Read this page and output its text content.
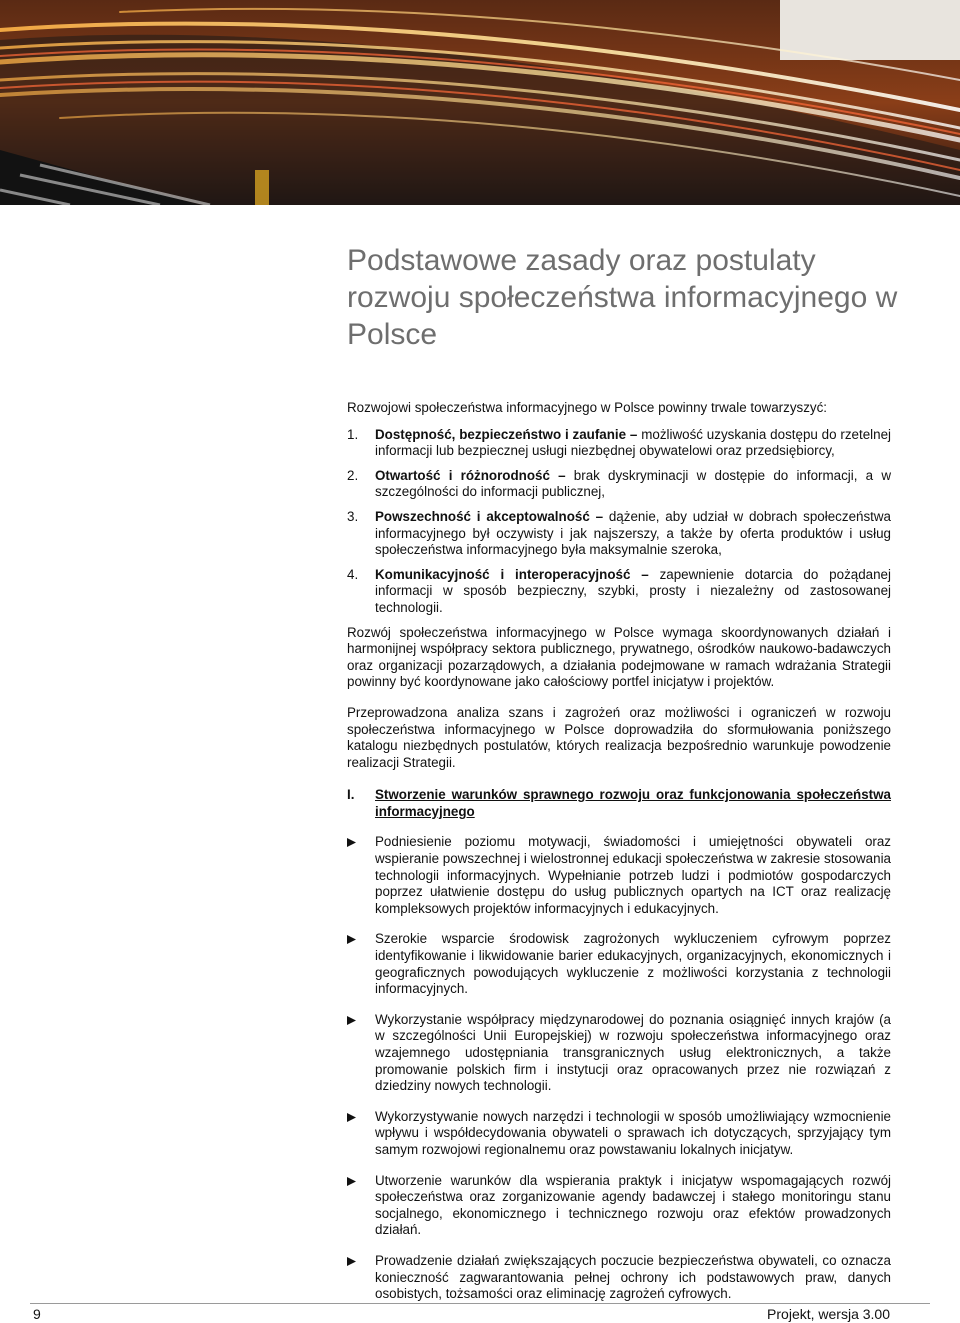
Podstawowe zasady oraz postulaty rozwoju społeczeństwa informacyjnego w Polsce

Rozwojowi społeczeństwa informacyjnego w Polsce powinny trwale towarzyszyć:

1. Dostępność, bezpieczeństwo i zaufanie – możliwość uzyskania dostępu do rzetelnej informacji lub bezpiecznej usługi niezbędnej obywatelowi oraz przedsiębiorcy,
2. Otwartość i różnorodność – brak dyskryminacji w dostępie do informacji, a w szczególności do informacji publicznej,
3. Powszechność i akceptowalność – dążenie, aby udział w dobrach społeczeństwa informacyjnego był oczywisty i jak najszerszy, a także by oferta produktów i usług społeczeństwa informacyjnego była maksymalnie szeroka,
4. Komunikacyjność i interoperacyjność – zapewnienie dotarcia do pożądanej informacji w sposób bezpieczny, szybki, prosty i niezależny od zastosowanej technologii.

Rozwój społeczeństwa informacyjnego w Polsce wymaga skoordynowanych działań i harmonijnej współpracy sektora publicznego, prywatnego, ośrodków naukowo-badawczych oraz organizacji pozarządowych, a działania podejmowane w ramach wdrażania Strategii powinny być koordynowane jako całościowy portfel inicjatyw i projektów.

Przeprowadzona analiza szans i zagrożeń oraz możliwości i ograniczeń w rozwoju społeczeństwa informacyjnego w Polsce doprowadziła do sformułowania poniższego katalogu niezbędnych postulatów, których realizacja bezpośrednio warunkuje powodzenie realizacji Strategii.

I. Stworzenie warunków sprawnego rozwoju oraz funkcjonowania społeczeństwa informacyjnego
Podniesienie poziomu motywacji, świadomości i umiejętności obywateli oraz wspieranie powszechnej i wielostronnej edukacji społeczeństwa w zakresie stosowania technologii informacyjnych. Wypełnianie potrzeb ludzi i podmiotów gospodarczych poprzez ułatwienie dostępu do usług publicznych opartych na ICT oraz realizację kompleksowych projektów informacyjnych i edukacyjnych.
Szerokie wsparcie środowisk zagrożonych wykluczeniem cyfrowym poprzez identyfikowanie i likwidowanie barier edukacyjnych, organizacyjnych, ekonomicznych i geograficznych powodujących wykluczenie z możliwości korzystania z technologii informacyjnych.
Wykorzystanie współpracy międzynarodowej do poznania osiągnięć innych krajów (a w szczególności Unii Europejskiej) w rozwoju społeczeństwa informacyjnego oraz wzajemnego udostępniania transgranicznych usług elektronicznych, a także promowanie polskich firm i instytucji oraz opracowanych przez nie rozwiązań z dziedziny nowych technologii.
Wykorzystywanie nowych narzędzi i technologii w sposób umożliwiający wzmocnienie wpływu i współdecydowania obywateli o sprawach ich dotyczących, sprzyjający tym samym rozwojowi regionalnemu oraz powstawaniu lokalnych inicjatyw.
Utworzenie warunków dla wspierania praktyk i inicjatyw wspomagających rozwój społeczeństwa oraz zorganizowanie agendy badawczej i stałego monitoringu stanu socjalnego, ekonomicznego i technicznego rozwoju oraz efektów prowadzonych działań.
Prowadzenie działań zwiększających poczucie bezpieczeństwa obywateli, co oznacza konieczność zagwarantowania pełnej ochrony ich podstawowych praw, danych osobistych, tożsamości oraz eliminację zagrożeń cyfrowych.
9	Projekt, wersja 3.00
